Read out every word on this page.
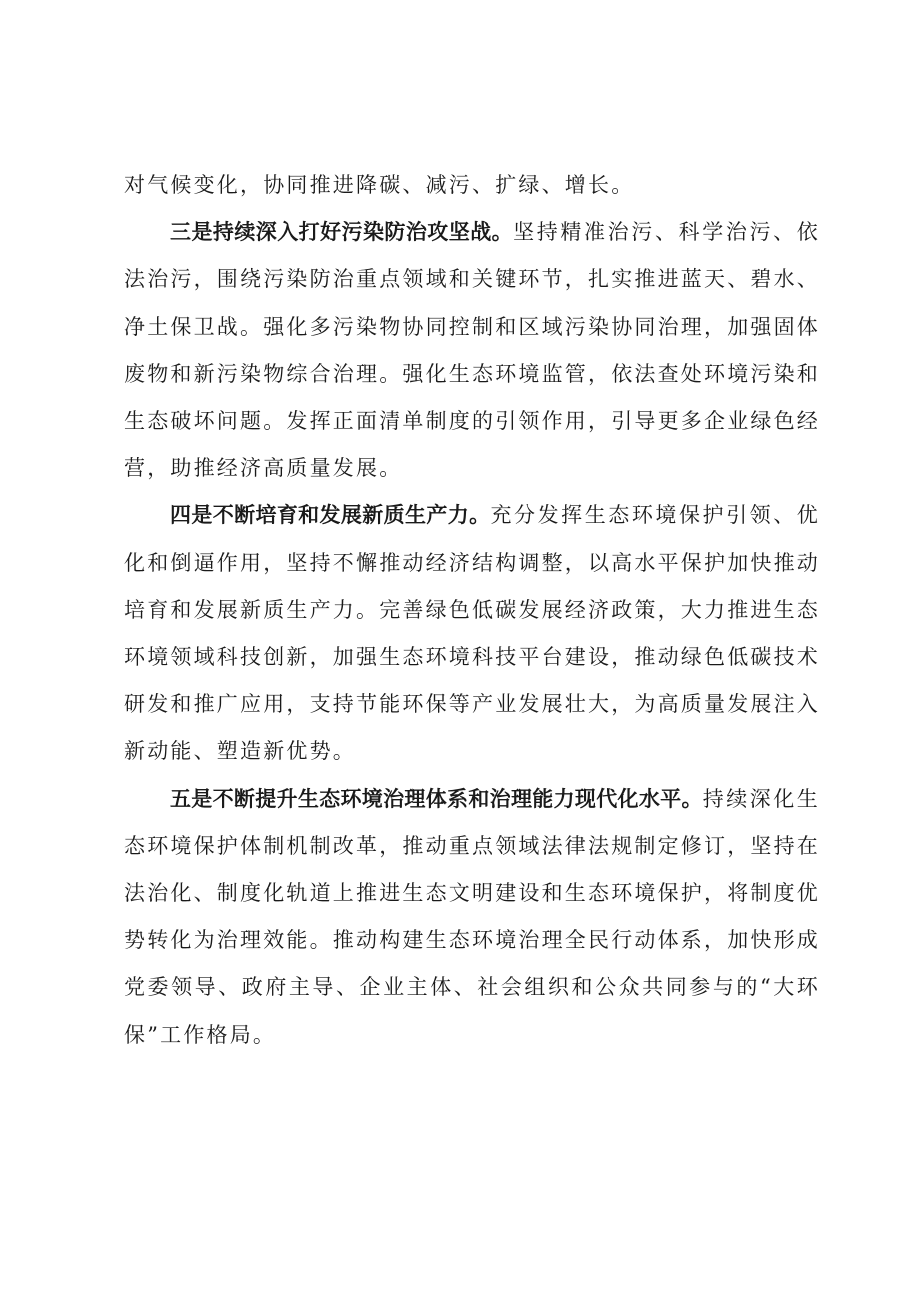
对气候变化，协同推进降碳、减污、扩绿、增长。

三是持续深入打好污染防治攻坚战。坚持精准治污、科学治污、依法治污，围绕污染防治重点领域和关键环节，扎实推进蓝天、碧水、净土保卫战。强化多污染物协同控制和区域污染协同治理，加强固体废物和新污染物综合治理。强化生态环境监管，依法查处环境污染和生态破坏问题。发挥正面清单制度的引领作用，引导更多企业绿色经营，助推经济高质量发展。

四是不断培育和发展新质生产力。充分发挥生态环境保护引领、优化和倒逼作用，坚持不懈推动经济结构调整，以高水平保护加快推动培育和发展新质生产力。完善绿色低碳发展经济政策，大力推进生态环境领域科技创新，加强生态环境科技平台建设，推动绿色低碳技术研发和推广应用，支持节能环保等产业发展壮大，为高质量发展注入新动能、塑造新优势。

五是不断提升生态环境治理体系和治理能力现代化水平。持续深化生态环境保护体制机制改革，推动重点领域法律法规制定修订，坚持在法治化、制度化轨道上推进生态文明建设和生态环境保护，将制度优势转化为治理效能。推动构建生态环境治理全民行动体系，加快形成党委领导、政府主导、企业主体、社会组织和公众共同参与的“大环保”工作格局。
